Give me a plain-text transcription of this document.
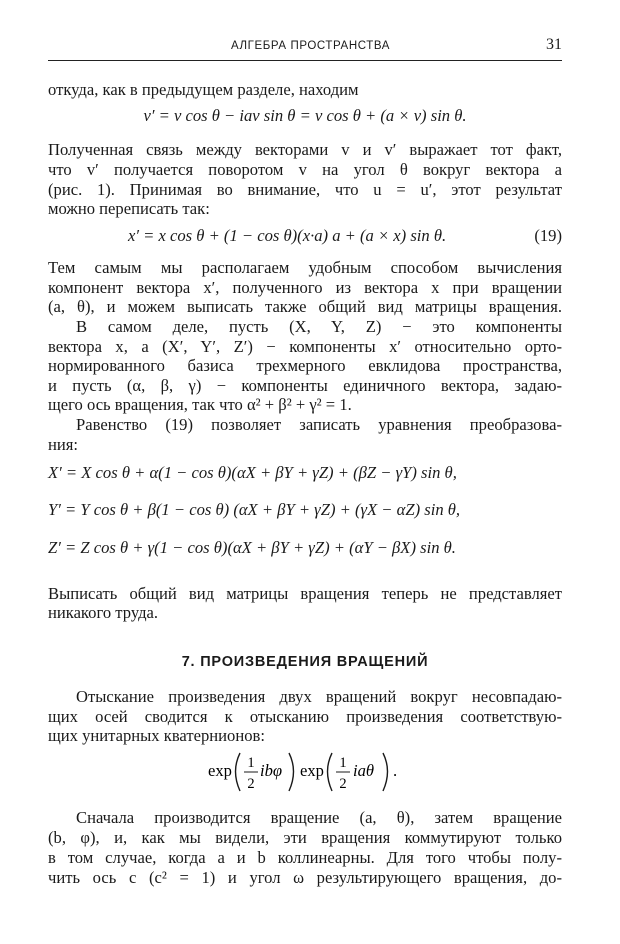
АЛГЕБРА ПРОСТРАНСТВА	31
откуда, как в предыдущем разделе, находим
v′ = v cos θ − iav sin θ = v cos θ + (a × v) sin θ.
Полученная связь между векторами v и v′ выражает тот факт,
что v′ получается поворотом v на угол θ вокруг вектора a
(рис. 1). Принимая во внимание, что u = u′, этот результат
можно переписать так:
x′ = x cos θ + (1 − cos θ)(x·a) a + (a × x) sin θ.	(19)
Тем самым мы располагаем удобным способом вычисления
компонент вектора x′, полученного из вектора x при вращении
(a, θ), и можем выписать также общий вид матрицы вращения.
В самом деле, пусть (X, Y, Z) − это компоненты
вектора x, а (X′, Y′, Z′) − компоненты x′ относительно орто-
нормированного базиса трехмерного евклидова пространства,
и пусть (α, β, γ) − компоненты единичного вектора, задаю-
щего ось вращения, так что α² + β² + γ² = 1.
Равенство (19) позволяет записать уравнения преобразова-
ния:
X′ = X cos θ + α(1 − cos θ)(αX + βY + γZ) + (βZ − γY) sin θ,
Y′ = Y cos θ + β(1 − cos θ) (αX + βY + γZ) + (γX − αZ) sin θ,
Z′ = Z cos θ + γ(1 − cos θ)(αX + βY + γZ) + (αY − βX) sin θ.
Выписать общий вид матрицы вращения теперь не представляет
никакого труда.
7. ПРОИЗВЕДЕНИЯ ВРАЩЕНИЙ
Отыскание произведения двух вращений вокруг несовпадаю-
щих осей сводится к отысканию произведения соответствую-
щих унитарных кватернионов:
exp 1
2
ibφ exp 1
2
iaθ .
Сначала производится вращение (a, θ), затем вращение
(b, φ), и, как мы видели, эти вращения коммутируют только
в том случае, когда a и b коллинеарны. Для того чтобы полу-
чить ось c (c² = 1) и угол ω результирующего вращения, до-
